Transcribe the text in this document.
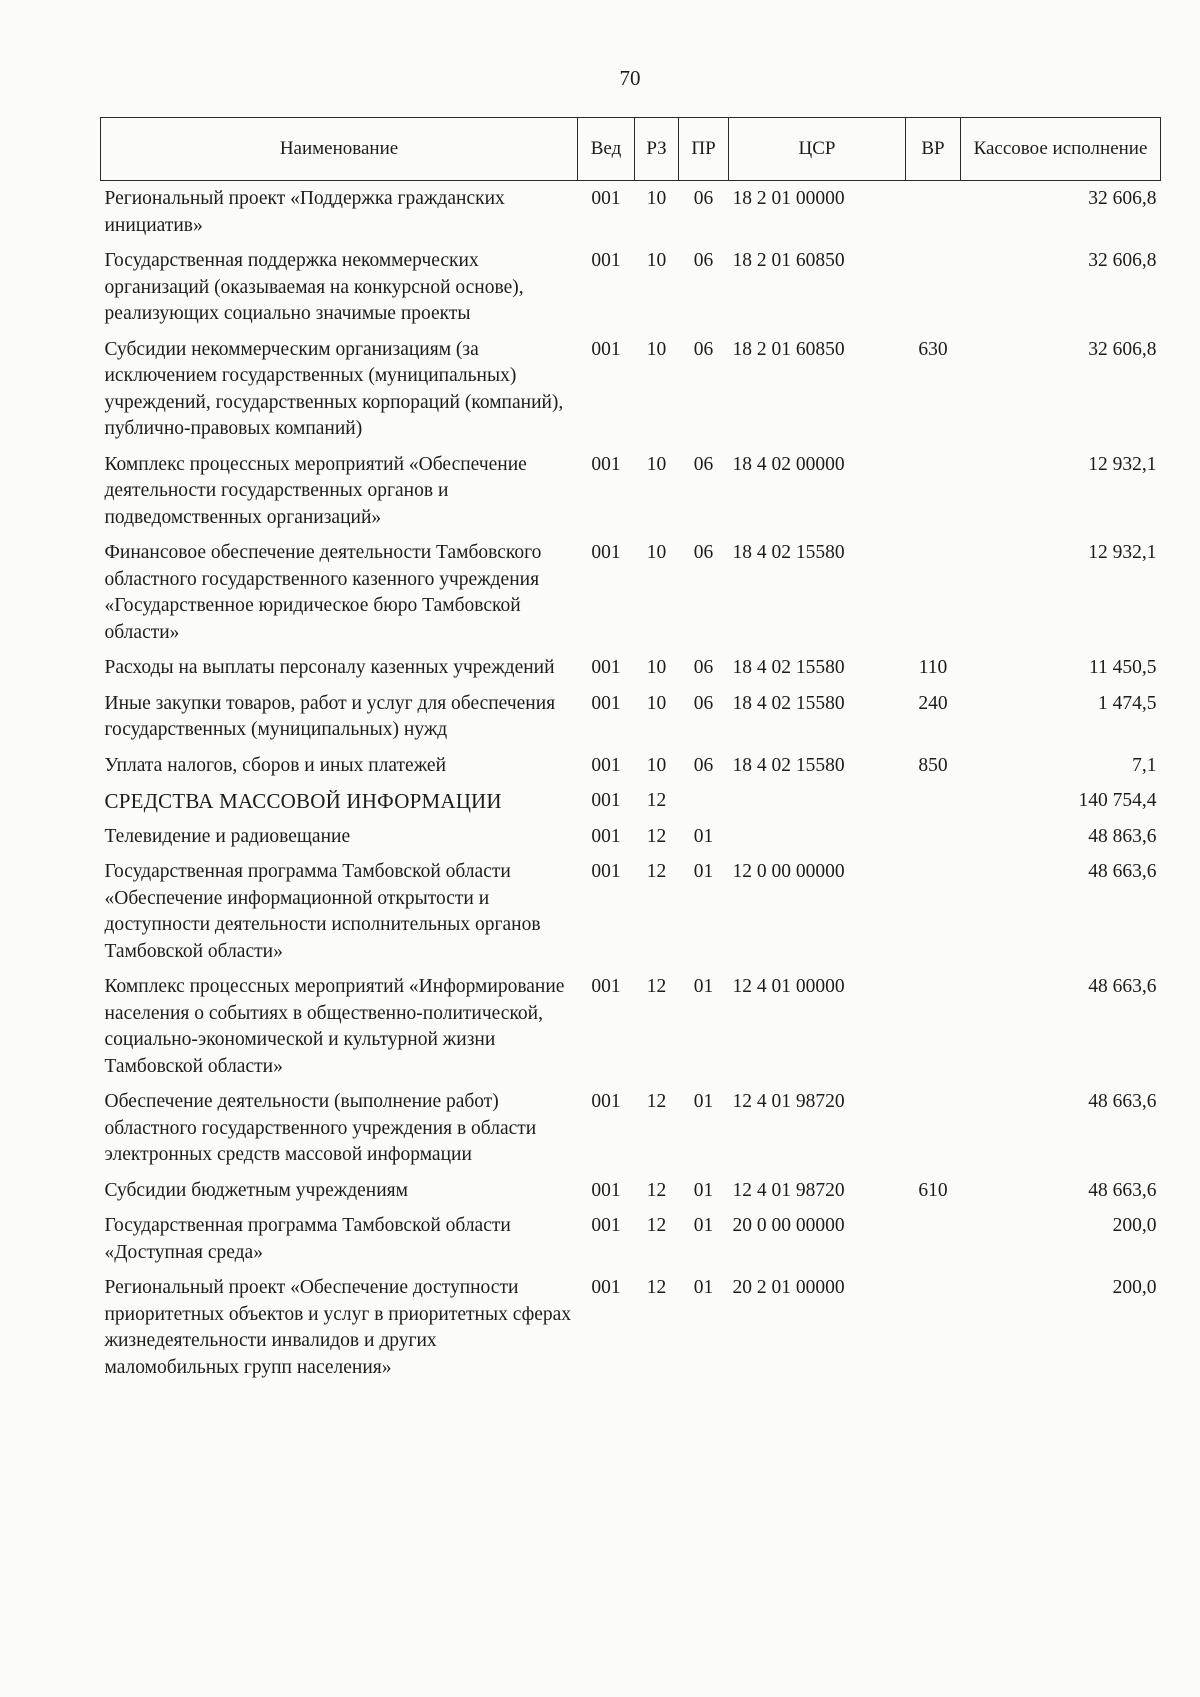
70
Наименование	Вед	РЗ	ПР	ЦСР	ВР	Кассовое исполнение
Региональный проект «Поддержка гражданских инициатив»	001	10	06	18 2 01 00000		32 606,8
Государственная поддержка некоммерческих организаций (оказываемая на конкурсной основе), реализующих социально значимые проекты	001	10	06	18 2 01 60850		32 606,8
Субсидии некоммерческим организациям (за исключением государственных (муниципальных) учреждений, государственных корпораций (компаний), публично-правовых компаний)	001	10	06	18 2 01 60850	630	32 606,8
Комплекс процессных мероприятий «Обеспечение деятельности государственных органов и подведомственных организаций»	001	10	06	18 4 02 00000		12 932,1
Финансовое обеспечение деятельности Тамбовского областного государственного казенного учреждения «Государственное юридическое бюро Тамбовской области»	001	10	06	18 4 02 15580		12 932,1
Расходы на выплаты персоналу казенных учреждений	001	10	06	18 4 02 15580	110	11 450,5
Иные закупки товаров, работ и услуг для обеспечения государственных (муниципальных) нужд	001	10	06	18 4 02 15580	240	1 474,5
Уплата налогов, сборов и иных платежей	001	10	06	18 4 02 15580	850	7,1
СРЕДСТВА МАССОВОЙ ИНФОРМАЦИИ	001	12				140 754,4
Телевидение и радиовещание	001	12	01			48 863,6
Государственная программа Тамбовской области «Обеспечение информационной открытости и доступности деятельности исполнительных органов Тамбовской области»	001	12	01	12 0 00 00000		48 663,6
Комплекс процессных мероприятий «Информирование населения о событиях в общественно-политической, социально-экономической и культурной жизни Тамбовской области»	001	12	01	12 4 01 00000		48 663,6
Обеспечение деятельности (выполнение работ) областного государственного учреждения в области электронных средств массовой информации	001	12	01	12 4 01 98720		48 663,6
Субсидии бюджетным учреждениям	001	12	01	12 4 01 98720	610	48 663,6
Государственная программа Тамбовской области «Доступная среда»	001	12	01	20 0 00 00000		200,0
Региональный проект «Обеспечение доступности приоритетных объектов и услуг в приоритетных сферах жизнедеятельности инвалидов и других маломобильных групп населения»	001	12	01	20 2 01 00000		200,0
